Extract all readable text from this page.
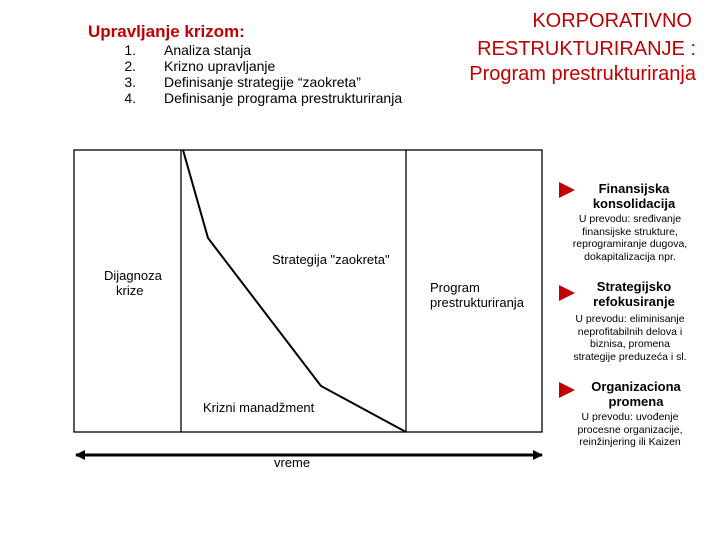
Upravljanje krizom:
1. Analiza stanja
2. Krizno upravljanje
3. Definisanje strategije “zaokreta”
4. Definisanje programa prestrukturiranja
KORPORATIVNO
RESTRUKTURIRANJE :
Program prestrukturiranja
Dijagnoza
krize
Strategija "zaokreta"
Krizni manadžment
vreme
Program
prestrukturiranja
Finansijska
konsolidacija
U prevodu: sređivanje
finansijske strukture,
reprogramiranje dugova,
dokapitalizacija npr.
Strategijsko
refokusiranje
U prevodu: eliminisanje
neprofitabilnih delova i
biznisa, promena
strategije preduzeća i sl.
Organizaciona
promena
U prevodu: uvođenje
procesne organizacije,
reinžinjering ili Kaizen
